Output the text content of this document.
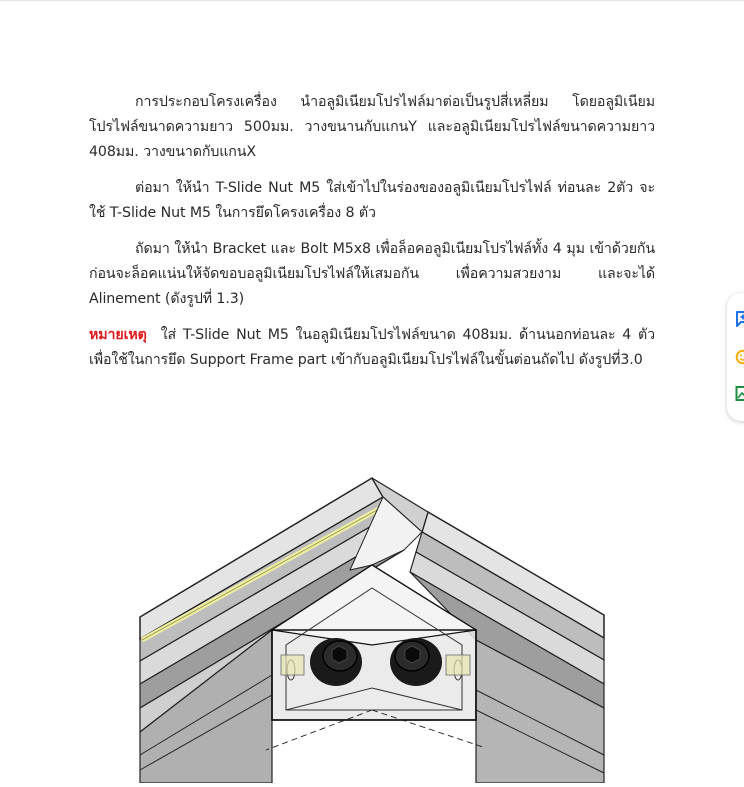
การประกอบโครงเครื่อง นำอลูมิเนียมโปรไฟล์มาต่อเป็นรูปสี่เหลี่ยม โดยอลูมิเนียมโปรไฟล์ขนาดความยาว 500มม. วางขนานกับแกนY และอลูมิเนียมโปรไฟล์ขนาดความยาว 408มม. วางขนาดกับแกนX

ต่อมา ให้นำ T-Slide Nut M5 ใส่เข้าไปในร่องของอลูมิเนียมโปรไฟล์ ท่อนละ 2ตัว จะใช้ T-Slide Nut M5 ในการยึดโครงเครื่อง 8 ตัว

ถัดมา ให้นำ Bracket และ Bolt M5x8 เพื่อล็อคอลูมิเนียมโปรไฟล์ทั้ง 4 มุม เข้าด้วยกัน ก่อนจะล็อคแน่นให้จัดขอบอลูมิเนียมโปรไฟล์ให้เสมอกัน เพื่อความสวยงาม และจะได้ Alinement (ดังรูปที่ 1.3)

หมายเหตุ ใส่ T-Slide Nut M5 ในอลูมิเนียมโปรไฟล์ขนาด 408มม. ด้านนอกท่อนละ 4 ตัว เพื่อใช้ในการยึด Support Frame part เข้ากับอลูมิเนียมโปรไฟล์ในขั้นต่อนถัดไป ดังรูปที่3.0
